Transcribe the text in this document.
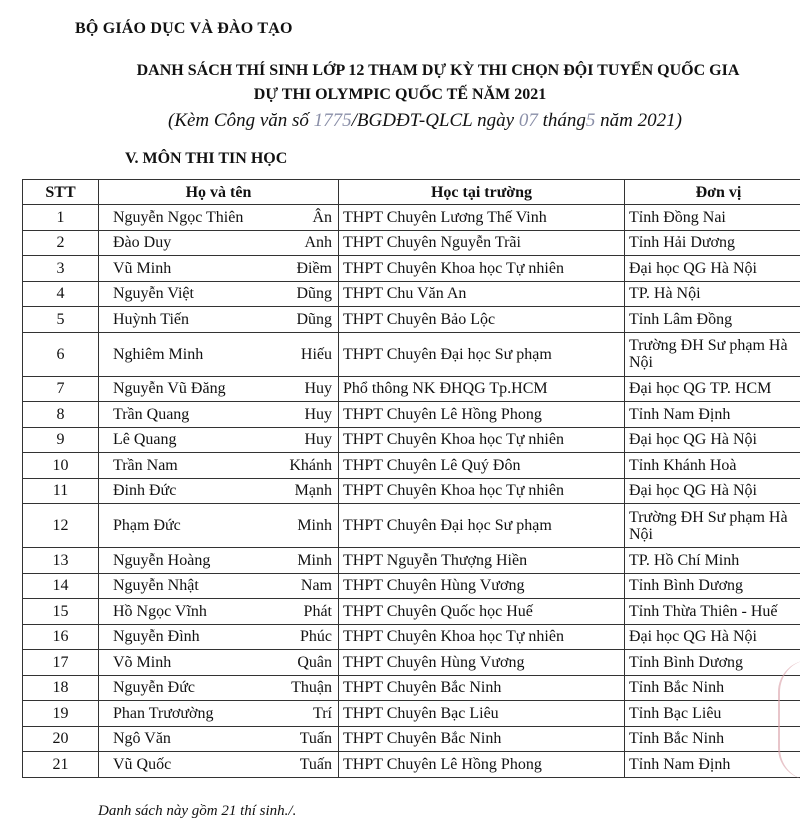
BỘ GIÁO DỤC VÀ ĐÀO TẠO
DANH SÁCH THÍ SINH LỚP 12 THAM DỰ KỲ THI CHỌN ĐỘI TUYỂN QUỐC GIA
DỰ THI OLYMPIC QUỐC TẾ NĂM 2021
(Kèm Công văn số 1775/BGDĐT-QLCL ngày 07 tháng5 năm 2021)
V. MÔN THI TIN HỌC
STT	Họ và tên	Học tại trường	Đơn vị
1	Nguyễn Ngọc Thiên Ân	THPT Chuyên Lương Thế Vinh	Tỉnh Đồng Nai
2	Đào Duy Anh	THPT Chuyên Nguyễn Trãi	Tỉnh Hải Dương
3	Vũ Minh Điềm	THPT Chuyên Khoa học Tự nhiên	Đại học QG Hà Nội
4	Nguyễn Việt Dũng	THPT Chu Văn An	TP. Hà Nội
5	Huỳnh Tiến Dũng	THPT Chuyên Bảo Lộc	Tỉnh Lâm Đồng
6	Nghiêm Minh Hiếu	THPT Chuyên Đại học Sư phạm	Trường ĐH Sư phạm Hà Nội
7	Nguyễn Vũ Đăng Huy	Phổ thông NK ĐHQG Tp.HCM	Đại học QG TP. HCM
8	Trần Quang Huy	THPT Chuyên Lê Hồng Phong	Tỉnh Nam Định
9	Lê Quang Huy	THPT Chuyên Khoa học Tự nhiên	Đại học QG Hà Nội
10	Trần Nam Khánh	THPT Chuyên Lê Quý Đôn	Tỉnh Khánh Hoà
11	Đinh Đức Mạnh	THPT Chuyên Khoa học Tự nhiên	Đại học QG Hà Nội
12	Phạm Đức Minh	THPT Chuyên Đại học Sư phạm	Trường ĐH Sư phạm Hà Nội
13	Nguyễn Hoàng Minh	THPT Nguyễn Thượng Hiền	TP. Hồ Chí Minh
14	Nguyễn Nhật Nam	THPT Chuyên Hùng Vương	Tỉnh Bình Dương
15	Hồ Ngọc Vĩnh Phát	THPT Chuyên Quốc học Huế	Tỉnh Thừa Thiên - Huế
16	Nguyễn Đình Phúc	THPT Chuyên Khoa học Tự nhiên	Đại học QG Hà Nội
17	Võ Minh Quân	THPT Chuyên Hùng Vương	Tỉnh Bình Dương
18	Nguyễn Đức Thuận	THPT Chuyên Bắc Ninh	Tỉnh Bắc Ninh
19	Phan Trươường Trí	THPT Chuyên Bạc Liêu	Tỉnh Bạc Liêu
20	Ngô Văn Tuấn	THPT Chuyên Bắc Ninh	Tỉnh Bắc Ninh
21	Vũ Quốc Tuấn	THPT Chuyên Lê Hồng Phong	Tỉnh Nam Định
Danh sách này gồm 21 thí sinh./.
